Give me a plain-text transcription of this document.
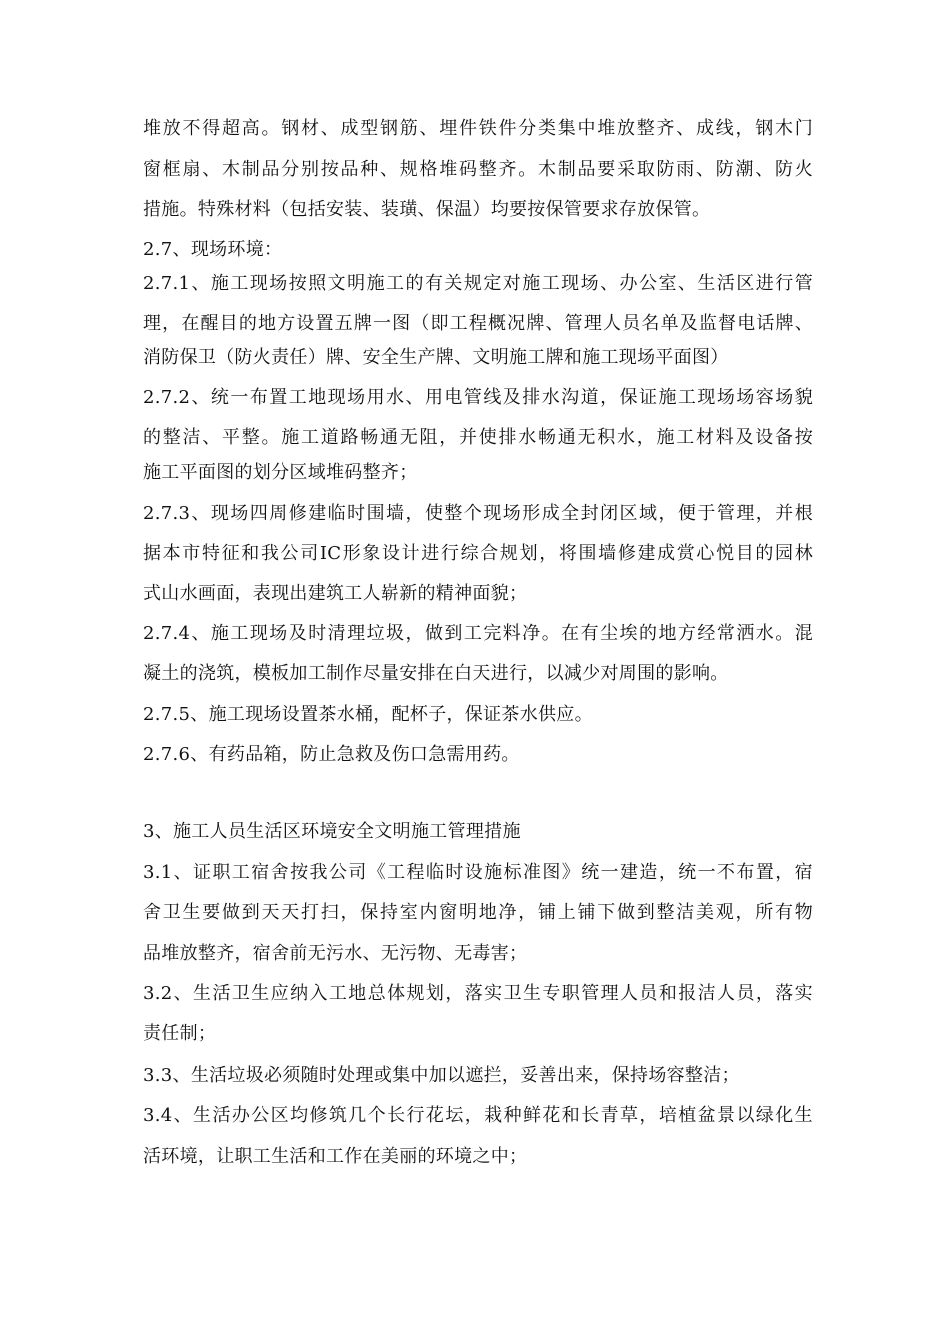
堆放不得超高。钢材、成型钢筋、埋件铁件分类集中堆放整齐、成线，钢木门
窗框扇、木制品分别按品种、规格堆码整齐。木制品要采取防雨、防潮、防火
措施。特殊材料（包括安装、装璜、保温）均要按保管要求存放保管。
2.7、现场环境：
2.7.1、施工现场按照文明施工的有关规定对施工现场、办公室、生活区进行管
理，在醒目的地方设置五牌一图（即工程概况牌、管理人员名单及监督电话牌、
消防保卫（防火责任）牌、安全生产牌、文明施工牌和施工现场平面图）
2.7.2、统一布置工地现场用水、用电管线及排水沟道，保证施工现场场容场貌
的整洁、平整。施工道路畅通无阻，并使排水畅通无积水，施工材料及设备按
施工平面图的划分区域堆码整齐；
2.7.3、现场四周修建临时围墙，使整个现场形成全封闭区域，便于管理，并根
据本市特征和我公司IC形象设计进行综合规划，将围墙修建成赏心悦目的园林
式山水画面，表现出建筑工人崭新的精神面貌；
2.7.4、施工现场及时清理垃圾，做到工完料净。在有尘埃的地方经常洒水。混
凝土的浇筑，模板加工制作尽量安排在白天进行，以减少对周围的影响。
2.7.5、施工现场设置茶水桶，配杯子，保证茶水供应。
2.7.6、有药品箱，防止急救及伤口急需用药。
3、施工人员生活区环境安全文明施工管理措施
3.1、证职工宿舍按我公司《工程临时设施标准图》统一建造，统一不布置，宿
舍卫生要做到天天打扫，保持室内窗明地净，铺上铺下做到整洁美观，所有物
品堆放整齐，宿舍前无污水、无污物、无毒害；
3.2、生活卫生应纳入工地总体规划，落实卫生专职管理人员和报洁人员，落实
责任制；
3.3、生活垃圾必须随时处理或集中加以遮拦，妥善出来，保持场容整洁；
3.4、生活办公区均修筑几个长行花坛，栽种鲜花和长青草，培植盆景以绿化生
活环境，让职工生活和工作在美丽的环境之中；
